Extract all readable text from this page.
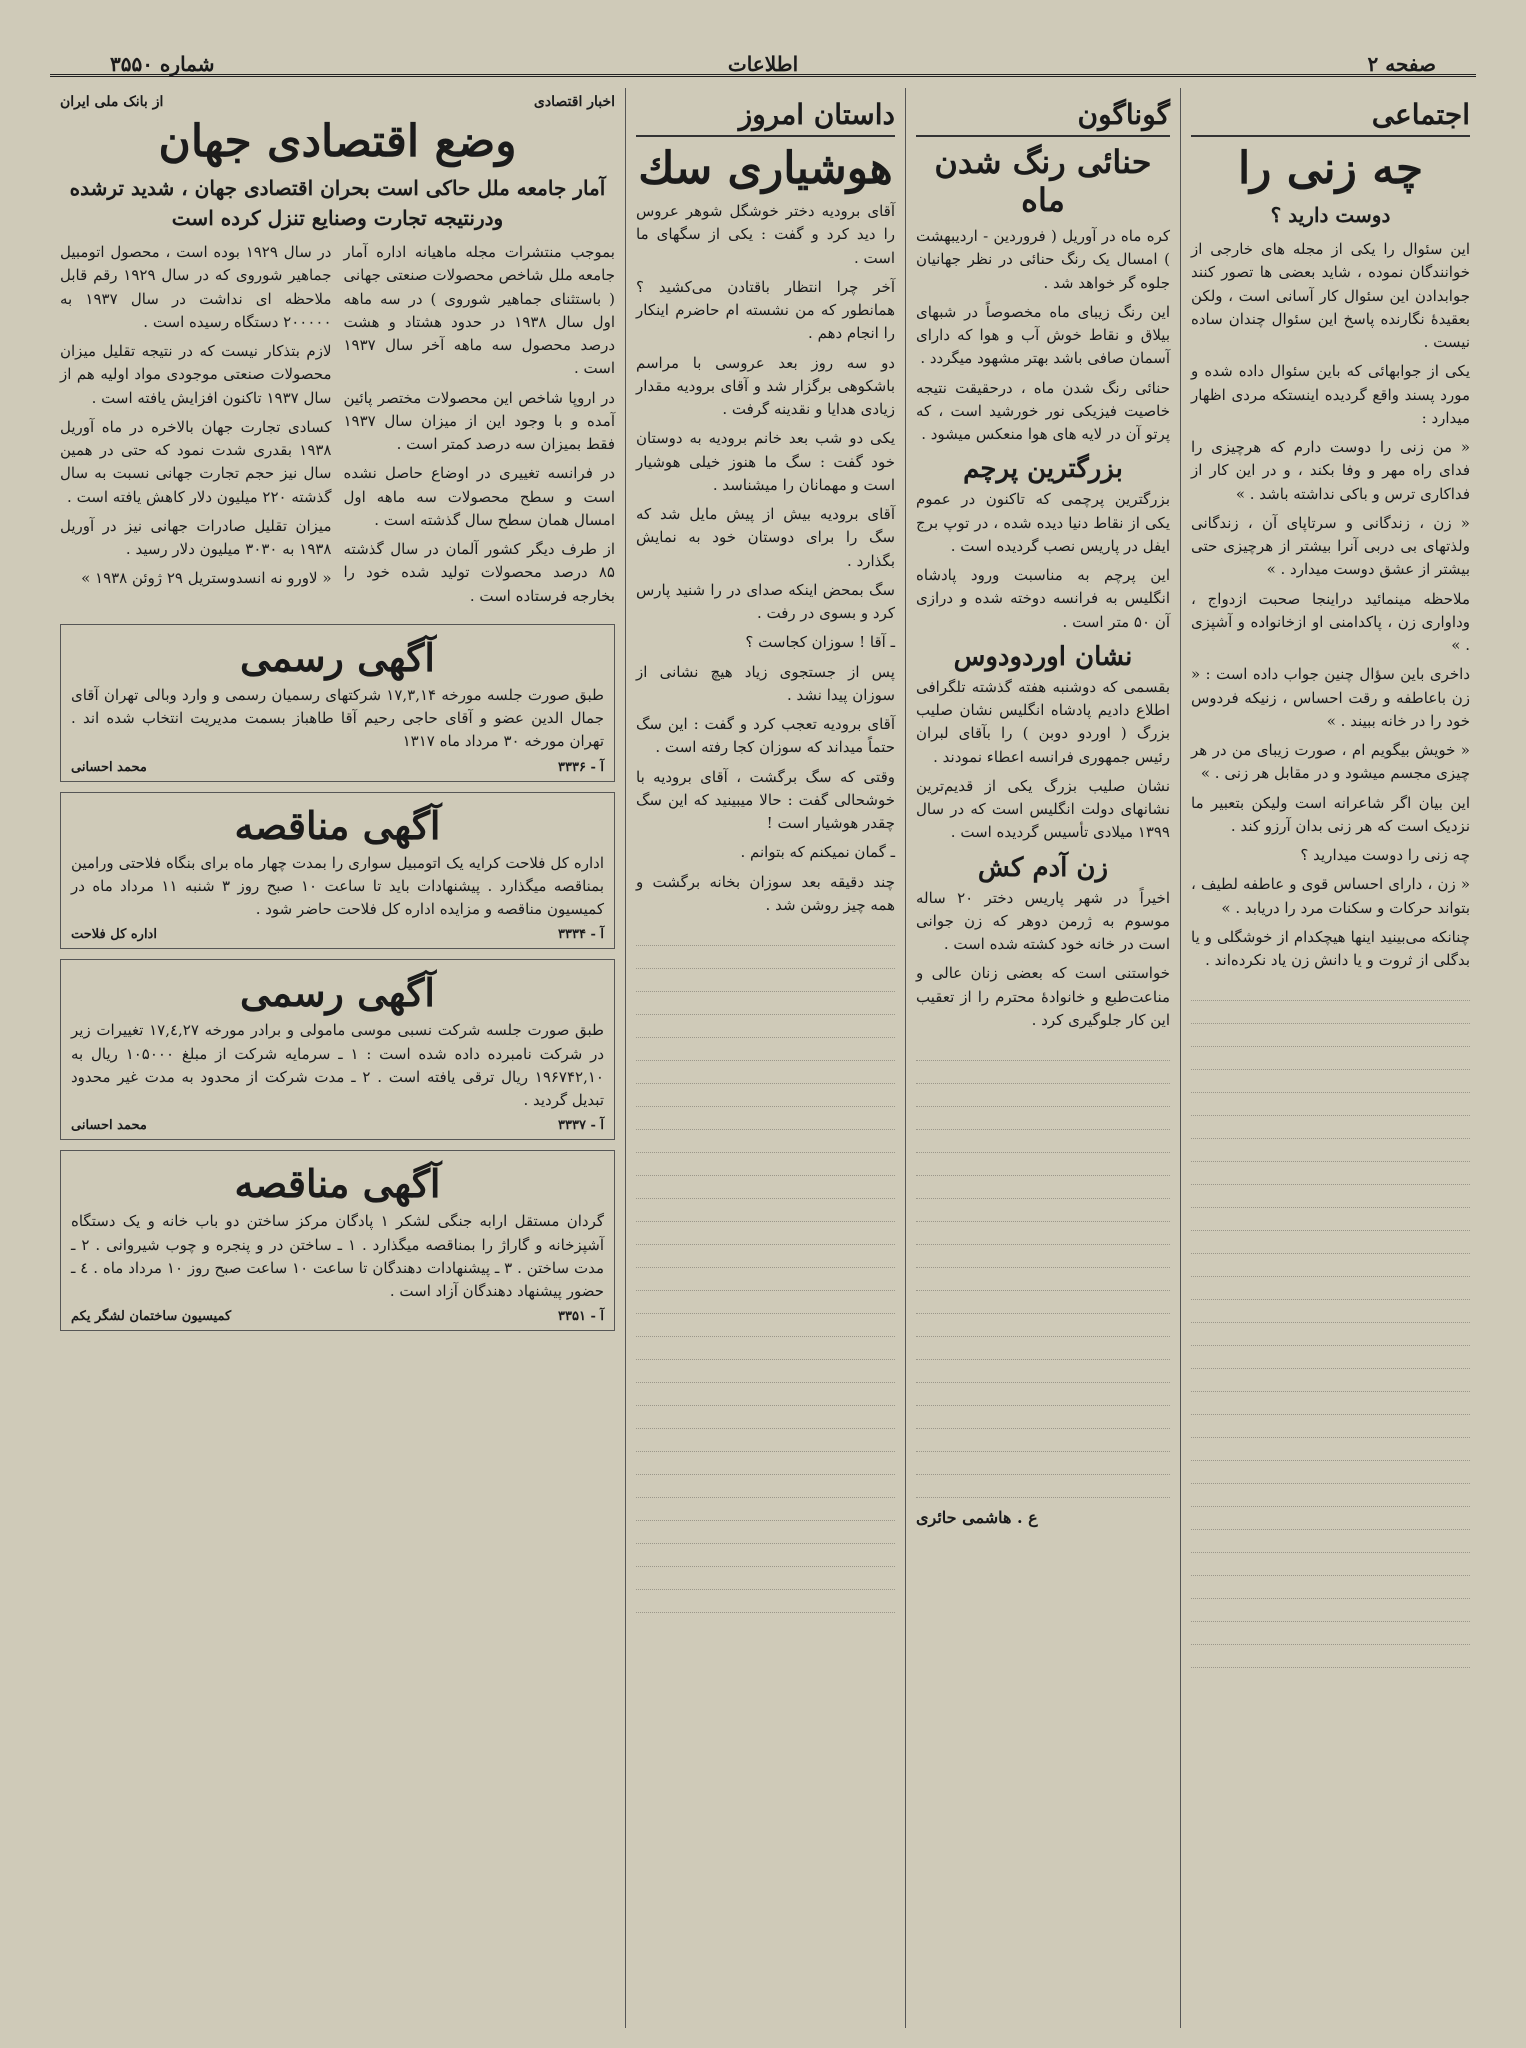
صفحه ۲
اطلاعات
شماره ۳۵۵۰
اجتماعی
چه زنی را
دوست دارید ؟

این سئوال را یکی از مجله های خارجی از خوانندگان نموده ، شاید بعضی ها تصور کنند جوابدادن این سئوال کار آسانی است ، ولکن بعقیدهٔ نگارنده پاسخ این سئوال چندان ساده نیست .

یکی از جوابهائی که باین سئوال داده شده و مورد پسند واقع گردیده اینستکه مردی اظهار میدارد :

« من زنی را دوست دارم که هرچیزی را فدای راه مهر و وفا بکند ، و در این کار از فداکاری ترس و باکی نداشته باشد . »

« زن ، زندگانی و سرتاپای آن ، زندگانی ولذتهای بی دربی آنرا بیشتر از هرچیزی حتی بیشتر از عشق دوست میدارد . »

ملاحظه مینمائید دراینجا صحبت ازدواج ، وداواری زن ، پاکدامنی او ازخانواده و آشپزی . »

داخری باین سؤال چنین جواب داده است : « زن باعاطفه و رقت احساس ، زنیکه فردوس خود را در خانه ببیند . »

« خویش بیگویم ام ، صورت زیبای من در هر چیزی مجسم میشود و در مقابل هر زنی . »

این بیان اگر شاعرانه است ولیکن بتعبیر ما نزدیک است که هر زنی بدان آرزو کند .

چه زنی را دوست میدارید ؟

« زن ، دارای احساس قوی و عاطفه لطیف ، بتواند حرکات و سکنات مرد را دریابد . »

چنانکه می‌بینید اینها هیچکدام از خوشگلی و یا بدگلی از ثروت و یا دانش زن یاد نکرده‌اند .

گوناگون
حنائی رنگ شدن ماه

کره ماه در آوریل ( فروردین - اردیبهشت ) امسال یک رنگ حنائی در نظر جهانیان جلوه گر خواهد شد .

این رنگ زیبای ماه مخصوصاً در شبهای بیلاق و نقاط خوش آب و هوا که دارای آسمان صافی باشد بهتر مشهود میگردد .

حنائی رنگ شدن ماه ، درحقیقت نتیجه خاصیت فیزیکی نور خورشید است ، که پرتو آن در لایه های هوا منعکس میشود .

بزرگترین پرچم

بزرگترین پرچمی که تاکنون در عموم یکی از نقاط دنیا دیده شده ، در توپ برج ایفل در پاریس نصب گردیده است .

این پرچم به مناسبت ورود پادشاه انگلیس به فرانسه دوخته شده و درازی آن ۵۰ متر است .

نشان اوردودوس

بقسمی که دوشنبه هفته گذشته تلگرافی اطلاع دادیم پادشاه انگلیس نشان صلیب بزرگ ( اوردو دوبن ) را بآقای لبران رئیس جمهوری فرانسه اعطاء نمودند .

نشان صلیب بزرگ یکی از قدیم‌ترین نشانهای دولت انگلیس است که در سال ۱۳۹۹ میلادی تأسیس گردیده است .

زن آدم کش

اخیراً در شهر پاریس دختر ۲۰ ساله موسوم به ژرمن دوهر که زن جوانی است در خانه خود کشته شده است .

خواستنی است که بعضی زنان عالی و مناعت‌طبع و خانوادهٔ محترم را از تعقیب این کار جلوگیری کرد .

ع . هاشمی حائری
داستان امروز
هوشیاری سك

آقای برودیه دختر خوشگل شوهر عروس را دید کرد و گفت : یکی از سگهای ما است .

آخر چرا انتظار باقتادن می‌کشید ؟ همانطور که من نشسته ام حاضرم اینکار را انجام دهم .

دو سه روز بعد عروسی با مراسم باشکوهی برگزار شد و آقای برودیه مقدار زیادی هدایا و نقدینه گرفت .

یکی دو شب بعد خانم برودیه به دوستان خود گفت : سگ ما هنوز خیلی هوشیار است و مهمانان را میشناسد .

آقای برودیه بیش از پیش مایل شد که سگ را برای دوستان خود به نمایش بگذارد .

سگ بمحض اینکه صدای در را شنید پارس کرد و بسوی در رفت .

ـ آقا ! سوزان کجاست ؟

پس از جستجوی زیاد هیچ نشانی از سوزان پیدا نشد .

آقای برودیه تعجب کرد و گفت : این سگ حتماً میداند که سوزان کجا رفته است .

وقتی که سگ برگشت ، آقای برودیه با خوشحالی گفت : حالا میبینید که این سگ چقدر هوشیار است !

ـ گمان نمیکنم که بتوانم .

چند دقیقه بعد سوزان بخانه برگشت و همه چیز روشن شد .

اخبار اقتصادی
از بانک ملی ایران
وضع اقتصادی جهان
آمار جامعه ملل حاکی است بحران اقتصادی جهان ، شدید ترشده ودرنتیجه تجارت وصنایع تنزل کرده است

بموجب منتشرات مجله ماهیانه اداره آمار جامعه ملل شاخص محصولات صنعتی جهانی ( باستثنای جماهیر شوروی ) در سه ماهه اول سال ۱۹۳۸ در حدود هشتاد و هشت درصد محصول سه ماهه آخر سال ۱۹۳۷ است .

در اروپا شاخص این محصولات مختصر پائین آمده و با وجود این از میزان سال ۱۹۳۷ فقط بمیزان سه درصد کمتر است .

در فرانسه تغییری در اوضاع حاصل نشده است و سطح محصولات سه ماهه اول امسال همان سطح سال گذشته است .

از طرف دیگر کشور آلمان در سال گذشته ۸۵ درصد محصولات تولید شده خود را بخارجه فرستاده است .

در سال ۱۹۲۹ بوده است ، محصول اتومبیل جماهیر شوروی که در سال ۱۹۲۹ رقم قابل ملاحظه ای نداشت در سال ۱۹۳۷ به ۲۰۰۰۰۰ دستگاه رسیده است .

لازم بتذکار نیست که در نتیجه تقلیل میزان محصولات صنعتی موجودی مواد اولیه هم از سال ۱۹۳۷ تاکنون افزایش یافته است .

کسادی تجارت جهان بالاخره در ماه آوریل ۱۹۳۸ بقدری شدت نمود که حتی در همین سال نیز حجم تجارت جهانی نسبت به سال گذشته ۲۲۰ میلیون دلار کاهش یافته است .

میزان تقلیل صادرات جهانی نیز در آوریل ۱۹۳۸ به ۳۰۳۰ میلیون دلار رسید .

« لاورو نه انسدوستریل ۲۹ ژوئن ۱۹۳۸ »

آگهی رسمی

طبق صورت جلسه مورخه ۱۷,۳,۱۴ شرکتهای رسمیان رسمی و وارد وبالی تهران آقای جمال الدین عضو و آقای حاجی رحیم آقا طاهباز بسمت مدیریت انتخاب شده اند . تهران مورخه ۳۰ مرداد ماه ۱۳۱۷

آ - ۳۳۳۶
محمد احسانی
آگهی مناقصه

اداره کل فلاحت کرایه یک اتومبیل سواری را بمدت چهار ماه برای بنگاه فلاحتی ورامین بمناقصه میگذارد . پیشنهادات باید تا ساعت ۱۰ صبح روز ۳ شنبه ۱۱ مرداد ماه در کمیسیون مناقصه و مزایده اداره کل فلاحت حاضر شود .

آ - ۳۳۳۴
اداره کل فلاحت
آگهی رسمی

طبق صورت جلسه شرکت نسبی موسی مامولی و برادر مورخه ۱۷,٤,۲۷ تغییرات زیر در شرکت نامبرده داده شده است : ۱ ـ سرمایه شرکت از مبلغ ۱۰۵۰۰۰ ریال به ۱۹۶۷۴۲,۱۰ ریال ترقی یافته است . ۲ ـ مدت شرکت از محدود به مدت غیر محدود تبدیل گردید .

آ - ۳۳۳۷
محمد احسانی
آگهی مناقصه

گردان مستقل ارابه جنگی لشکر ۱ پادگان مرکز ساختن دو باب خانه و یک دستگاه آشپزخانه و گاراژ را بمناقصه میگذارد . ۱ ـ ساختن در و پنجره و چوب شیروانی . ۲ ـ مدت ساختن . ۳ ـ پیشنهادات دهندگان تا ساعت ۱۰ ساعت صبح روز ۱۰ مرداد ماه . ٤ ـ حضور پیشنهاد دهندگان آزاد است .

آ - ۳۳۵۱
کمیسیون ساختمان لشگر یکم
